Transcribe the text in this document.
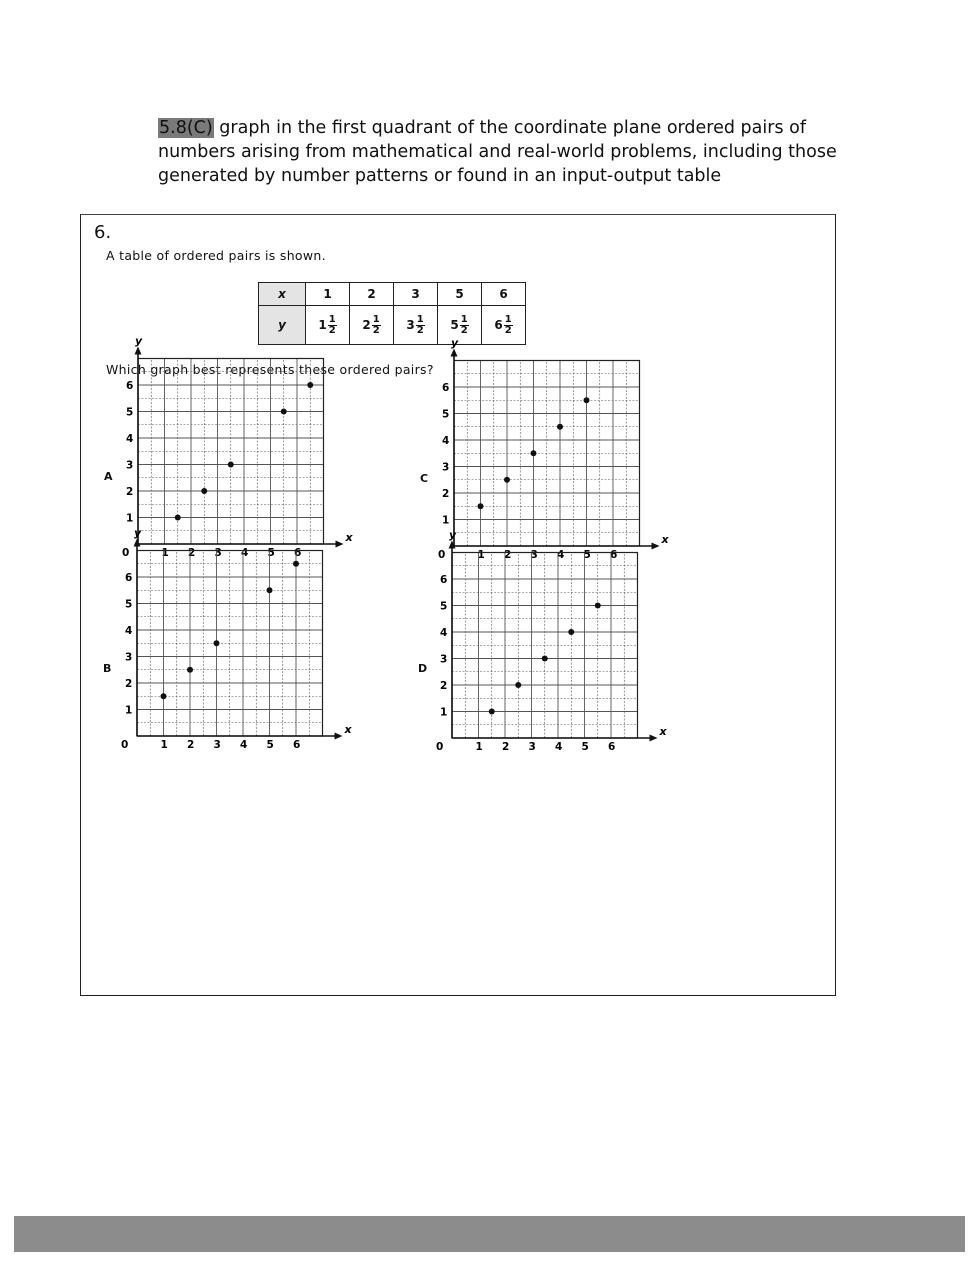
5.8(C) graph in the first quadrant of the coordinate plane ordered pairs of numbers arising from mathematical and real-world problems, including those generated by number patterns or found in an input-output table
6.
A table of ordered pairs is shown.
x	1	2	3	5	6
y	$1 \frac{1}{2}$	$2 \frac{1}{2}$	$3 \frac{1}{2}$	$5 \frac{1}{2}$	$6 \frac{1}{2}$
Which graph best represents these ordered pairs?
A
x
y
0	1 2 3 4 5 6
1
2
3
4
5
6
C
x
y
0	1 2 3 4 5 6
1
2
3
4
5
6
B
x
y
0	1 2 3 4 5 6
1
2
3
4
5
6
D
x
y
0	1 2 3 4 5 6
1
2
3
4
5
6
